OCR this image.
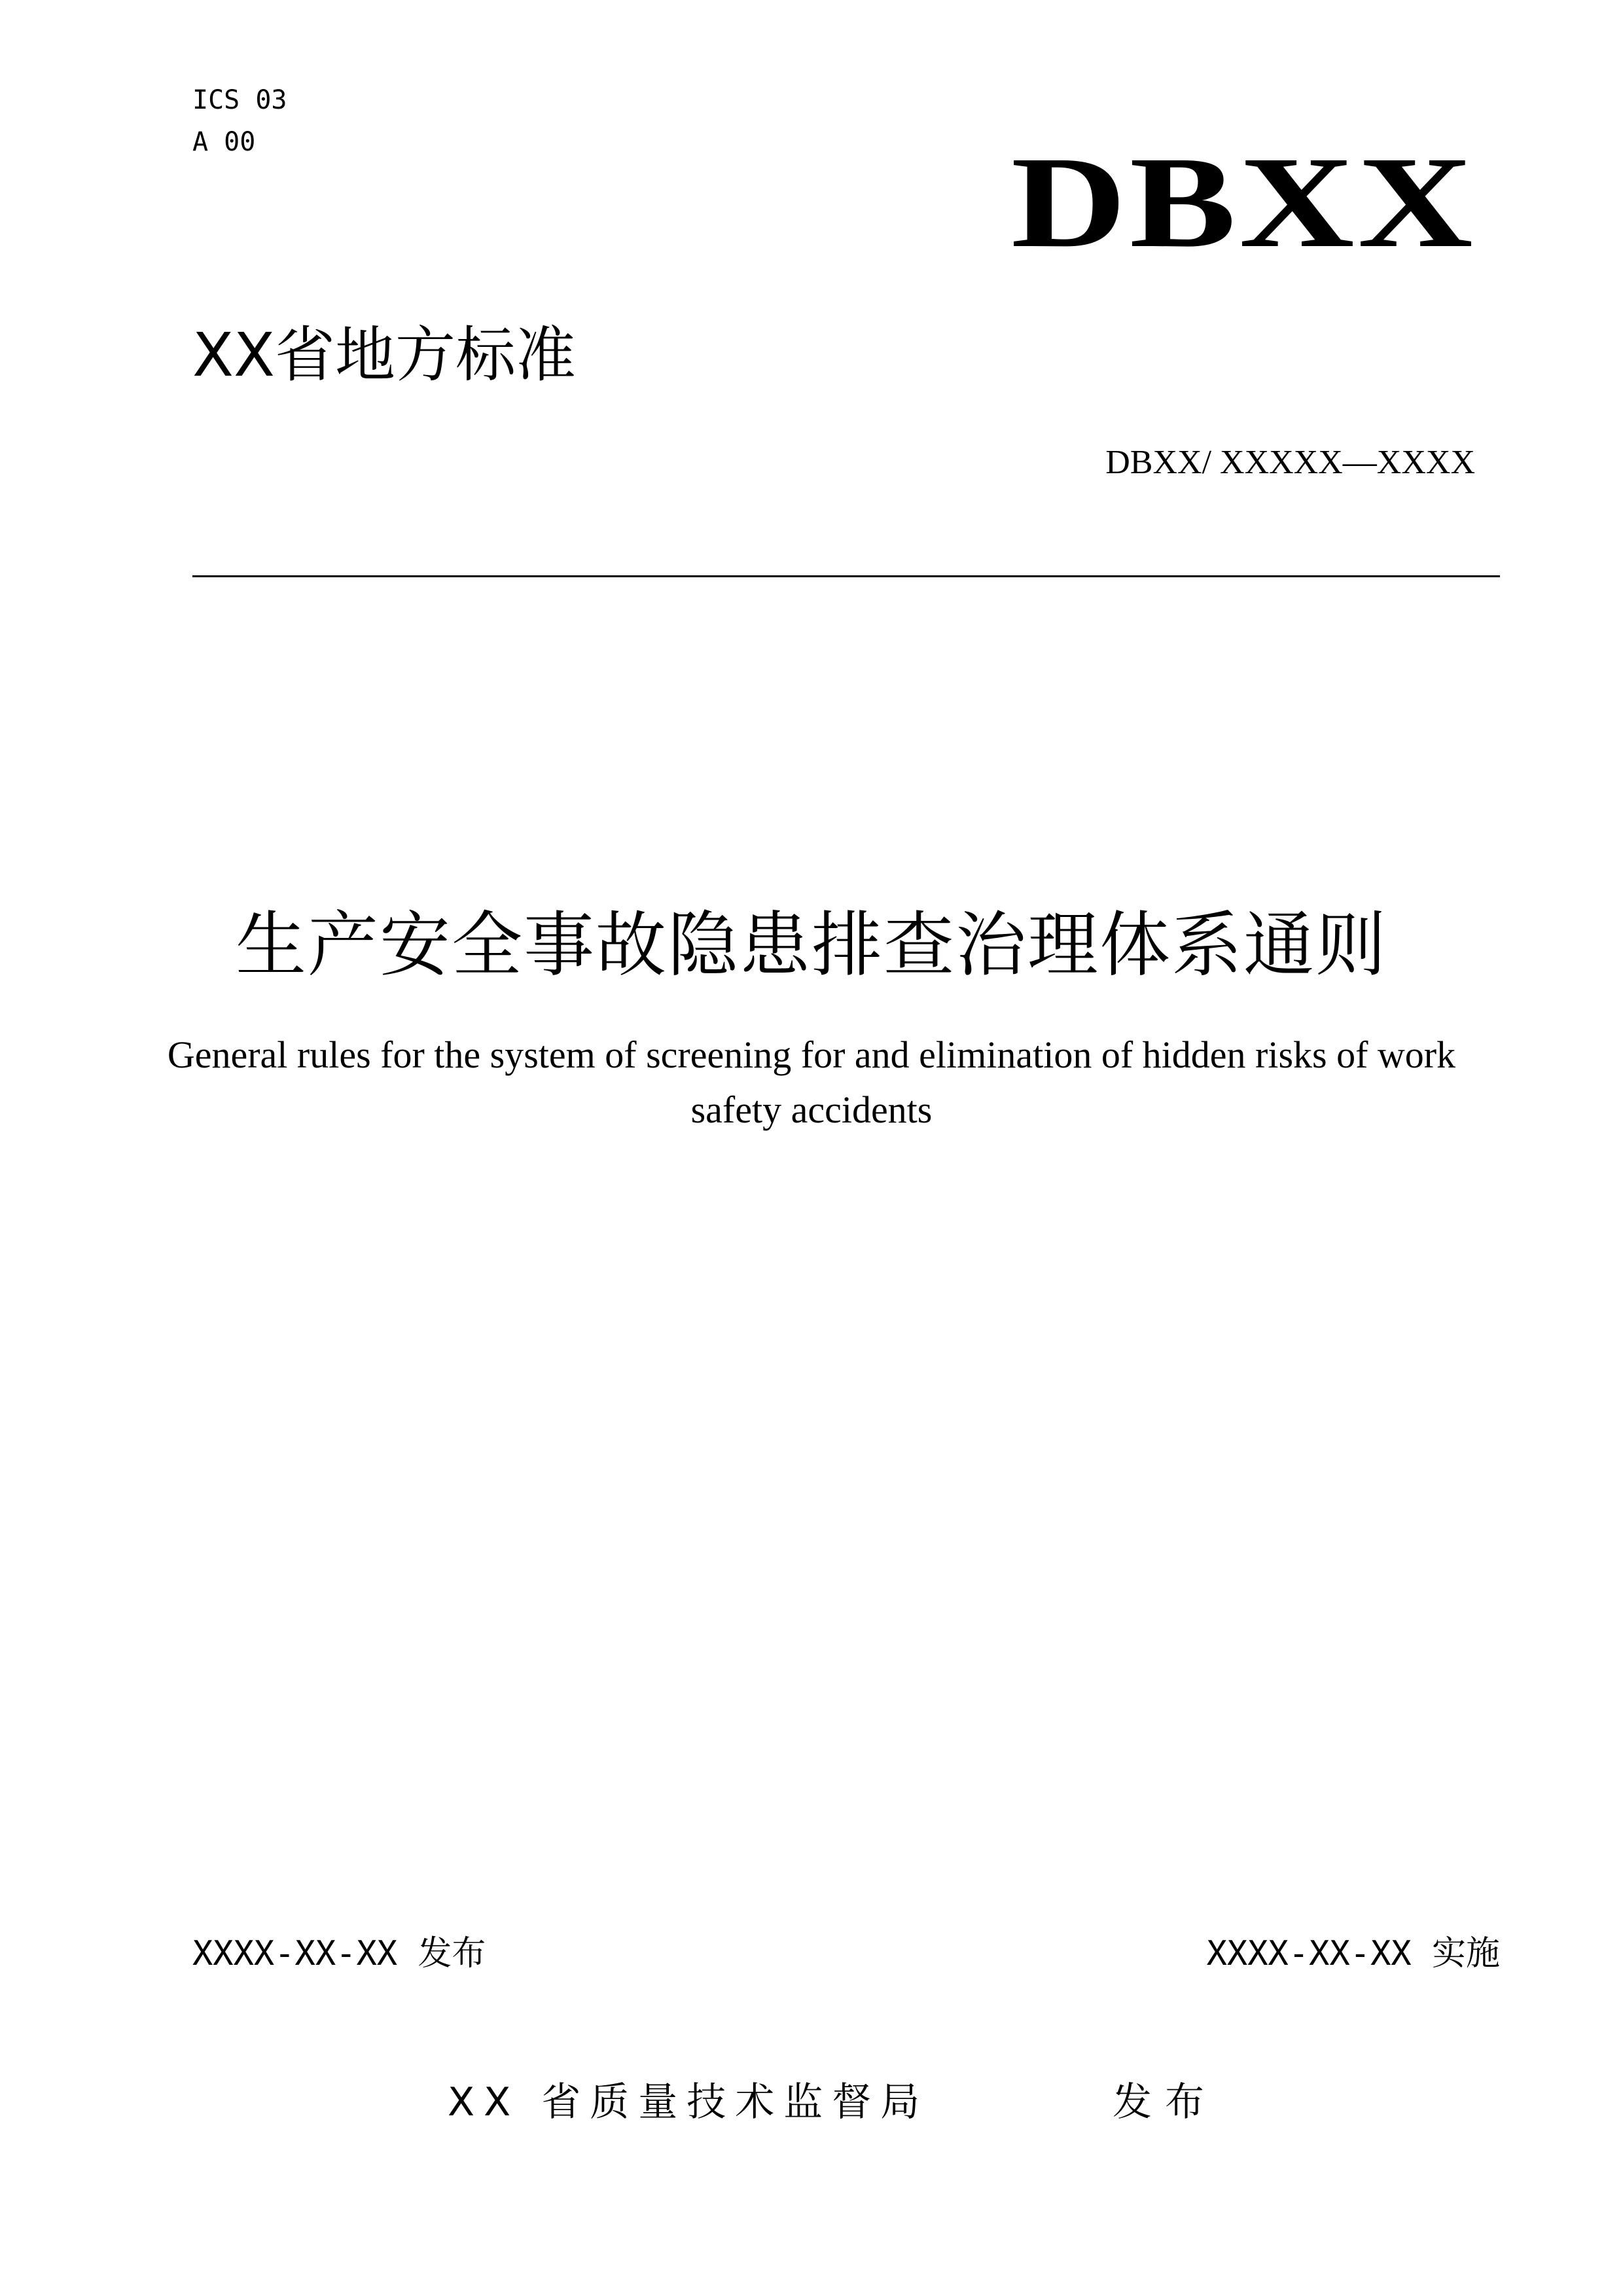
ICS 03
A 00	DBXX
XX省地方标准
DBXX/ XXXXX—XXXX
生产安全事故隐患排查治理体系通则
General rules for the system of screening for and elimination of hidden risks of work safety accidents
XXXX-XX-XX 发布	XXXX-XX-XX 实施
XX 省质量技术监督局	发布
